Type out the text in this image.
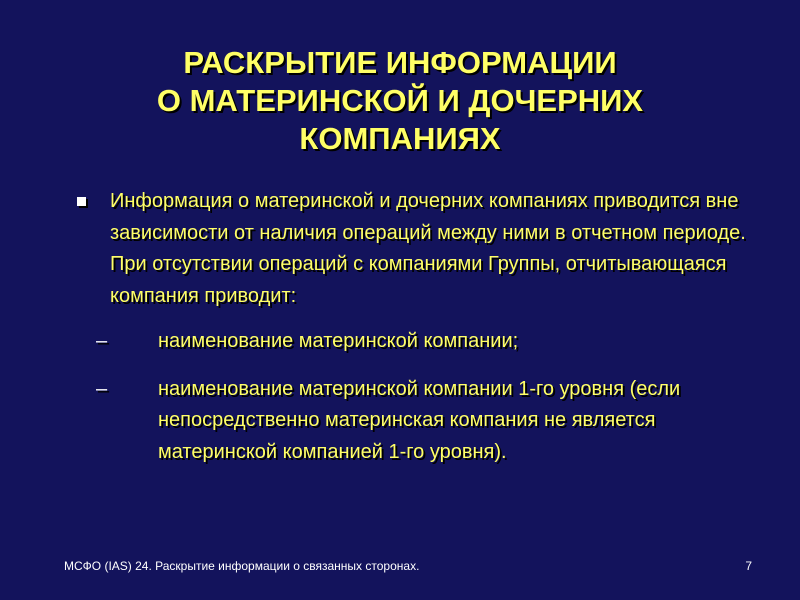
РАСКРЫТИЕ ИНФОРМАЦИИ
О МАТЕРИНСКОЙ И ДОЧЕРНИХ
КОМПАНИЯХ
Информация о материнской и дочерних компаниях приводится вне зависимости от наличия операций между ними в отчетном периоде. При отсутствии операций с компаниями Группы, отчитывающаяся компания приводит:
–	наименование материнской компании;
–	наименование материнской компании 1-го уровня (если непосредственно материнская компания не является материнской компанией 1-го уровня).
МСФО (IAS) 24. Раскрытие информации о связанных сторонах.	7
